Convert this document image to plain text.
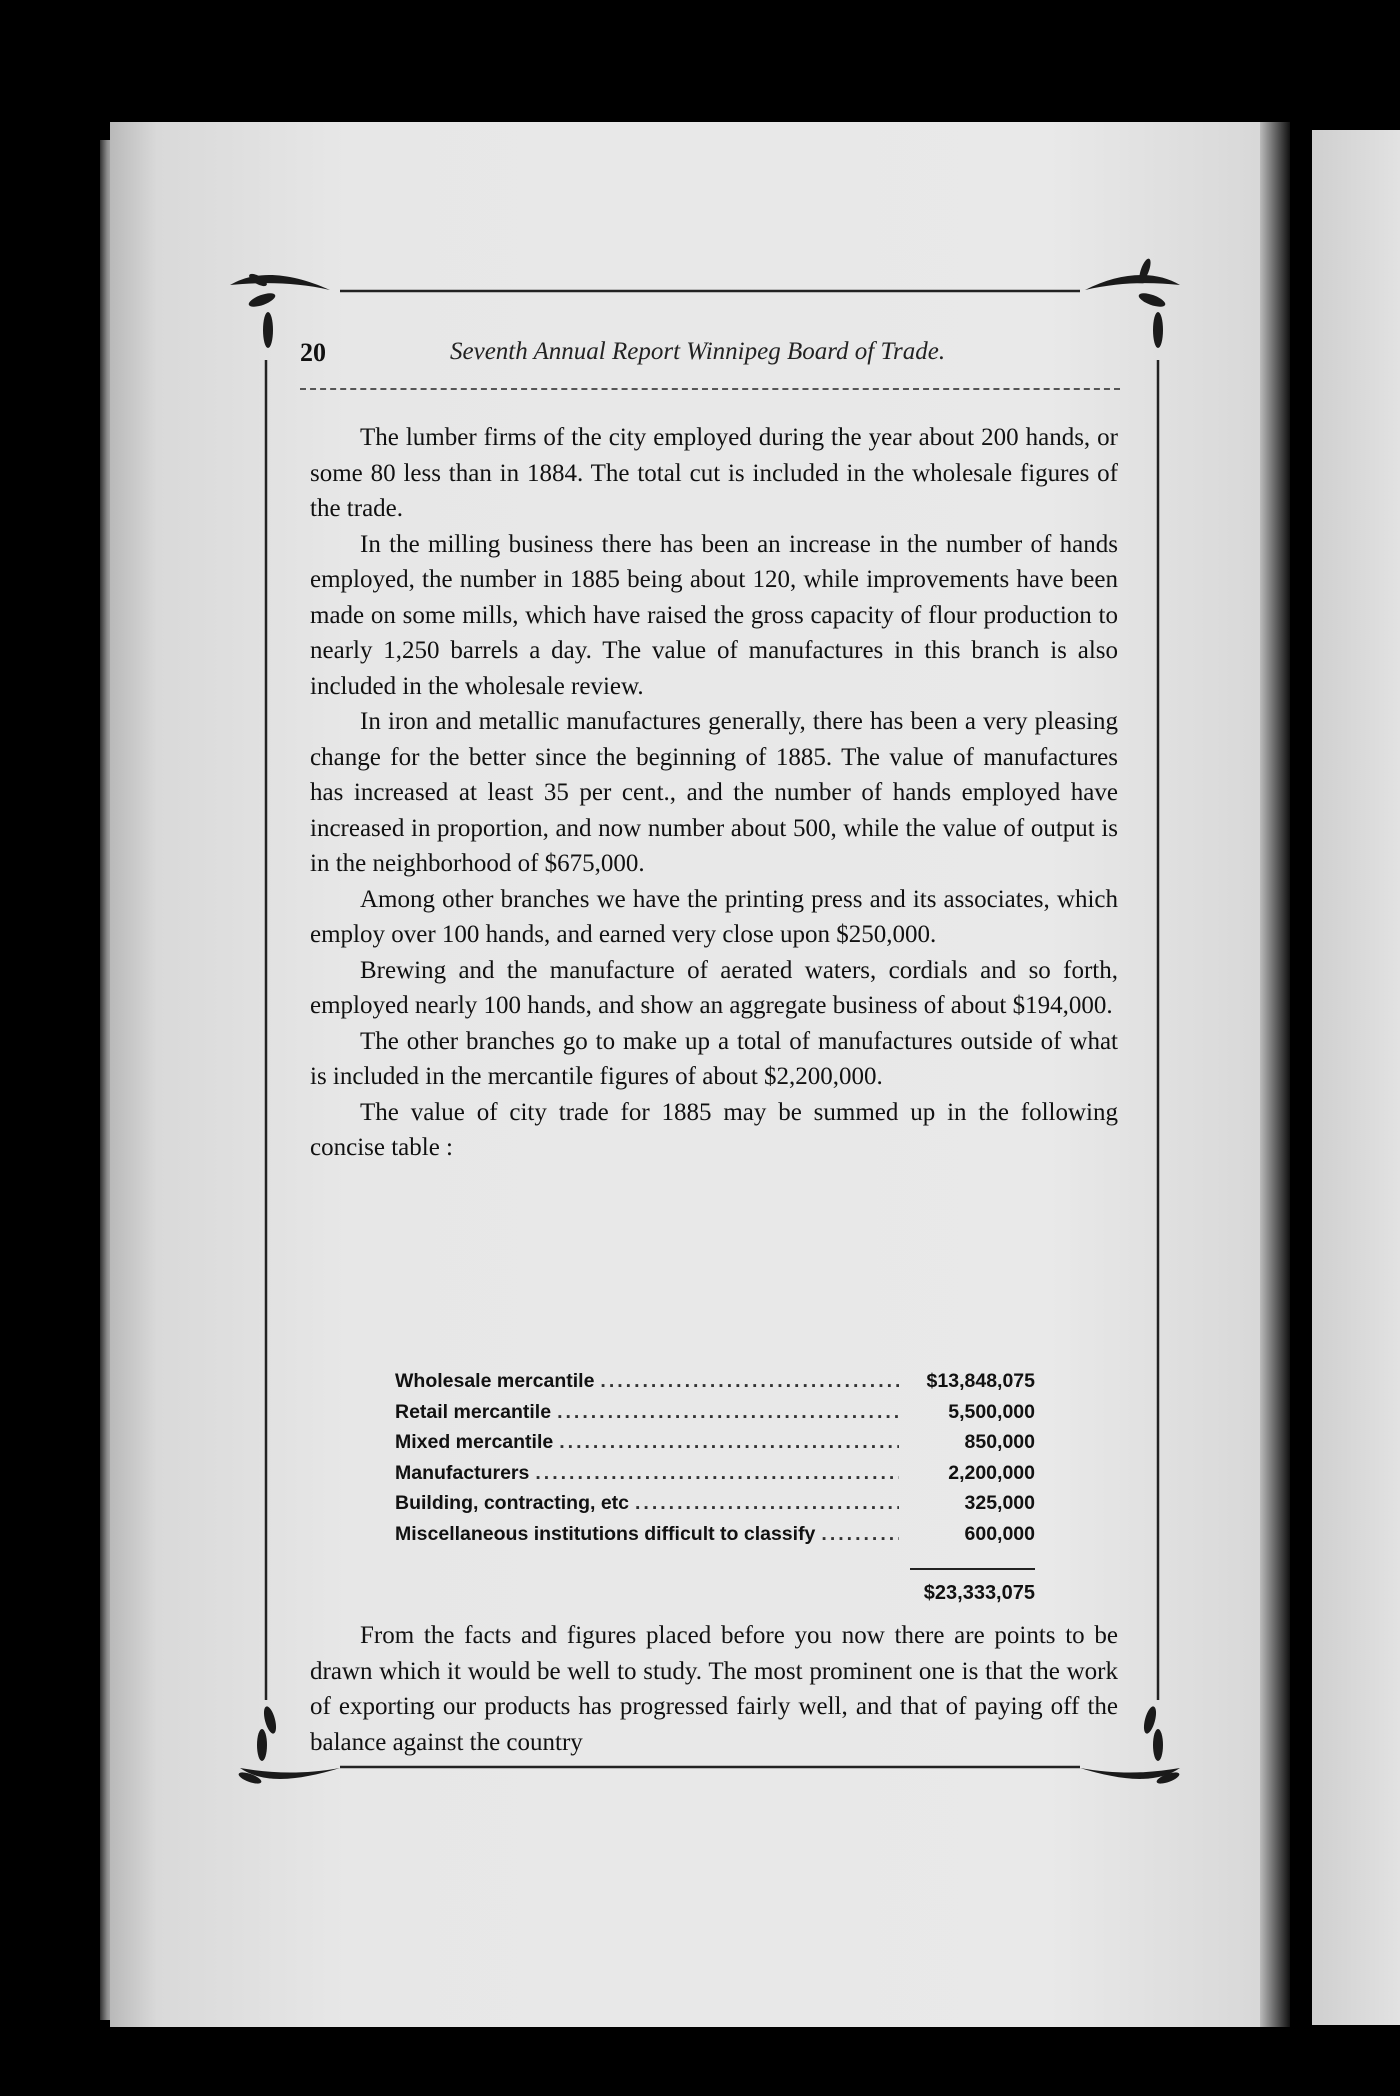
20	Seventh Annual Report Winnipeg Board of Trade.

The lumber firms of the city employed during the year about 200 hands, or some 80 less than in 1884. The total cut is included in the wholesale figures of the trade.

In the milling business there has been an increase in the number of hands employed, the number in 1885 being about 120, while improvements have been made on some mills, which have raised the gross capacity of flour production to nearly 1,250 barrels a day. The value of manufactures in this branch is also included in the wholesale review.

In iron and metallic manufactures generally, there has been a very pleasing change for the better since the beginning of 1885. The value of manufactures has increased at least 35 per cent., and the number of hands employed have increased in proportion, and now number about 500, while the value of output is in the neighborhood of $675,000.

Among other branches we have the printing press and its associates, which employ over 100 hands, and earned very close upon $250,000.

Brewing and the manufacture of aerated waters, cordials and so forth, employed nearly 100 hands, and show an aggregate business of about $194,000.

The other branches go to make up a total of manufactures outside of what is included in the mercantile figures of about $2,200,000.

The value of city trade for 1885 may be summed up in the following concise table :

Wholesale mercantile .....	$13,848,075
Retail mercantile .....	5,500,000
Mixed mercantile .....	850,000
Manufacturers .....	2,200,000
Building, contracting, etc .....	325,000
Miscellaneous institutions difficult to classify .....	600,000
$23,333,075

From the facts and figures placed before you now there are points to be drawn which it would be well to study. The most prominent one is that the work of exporting our products has progressed fairly well, and that of paying off the balance against the country
